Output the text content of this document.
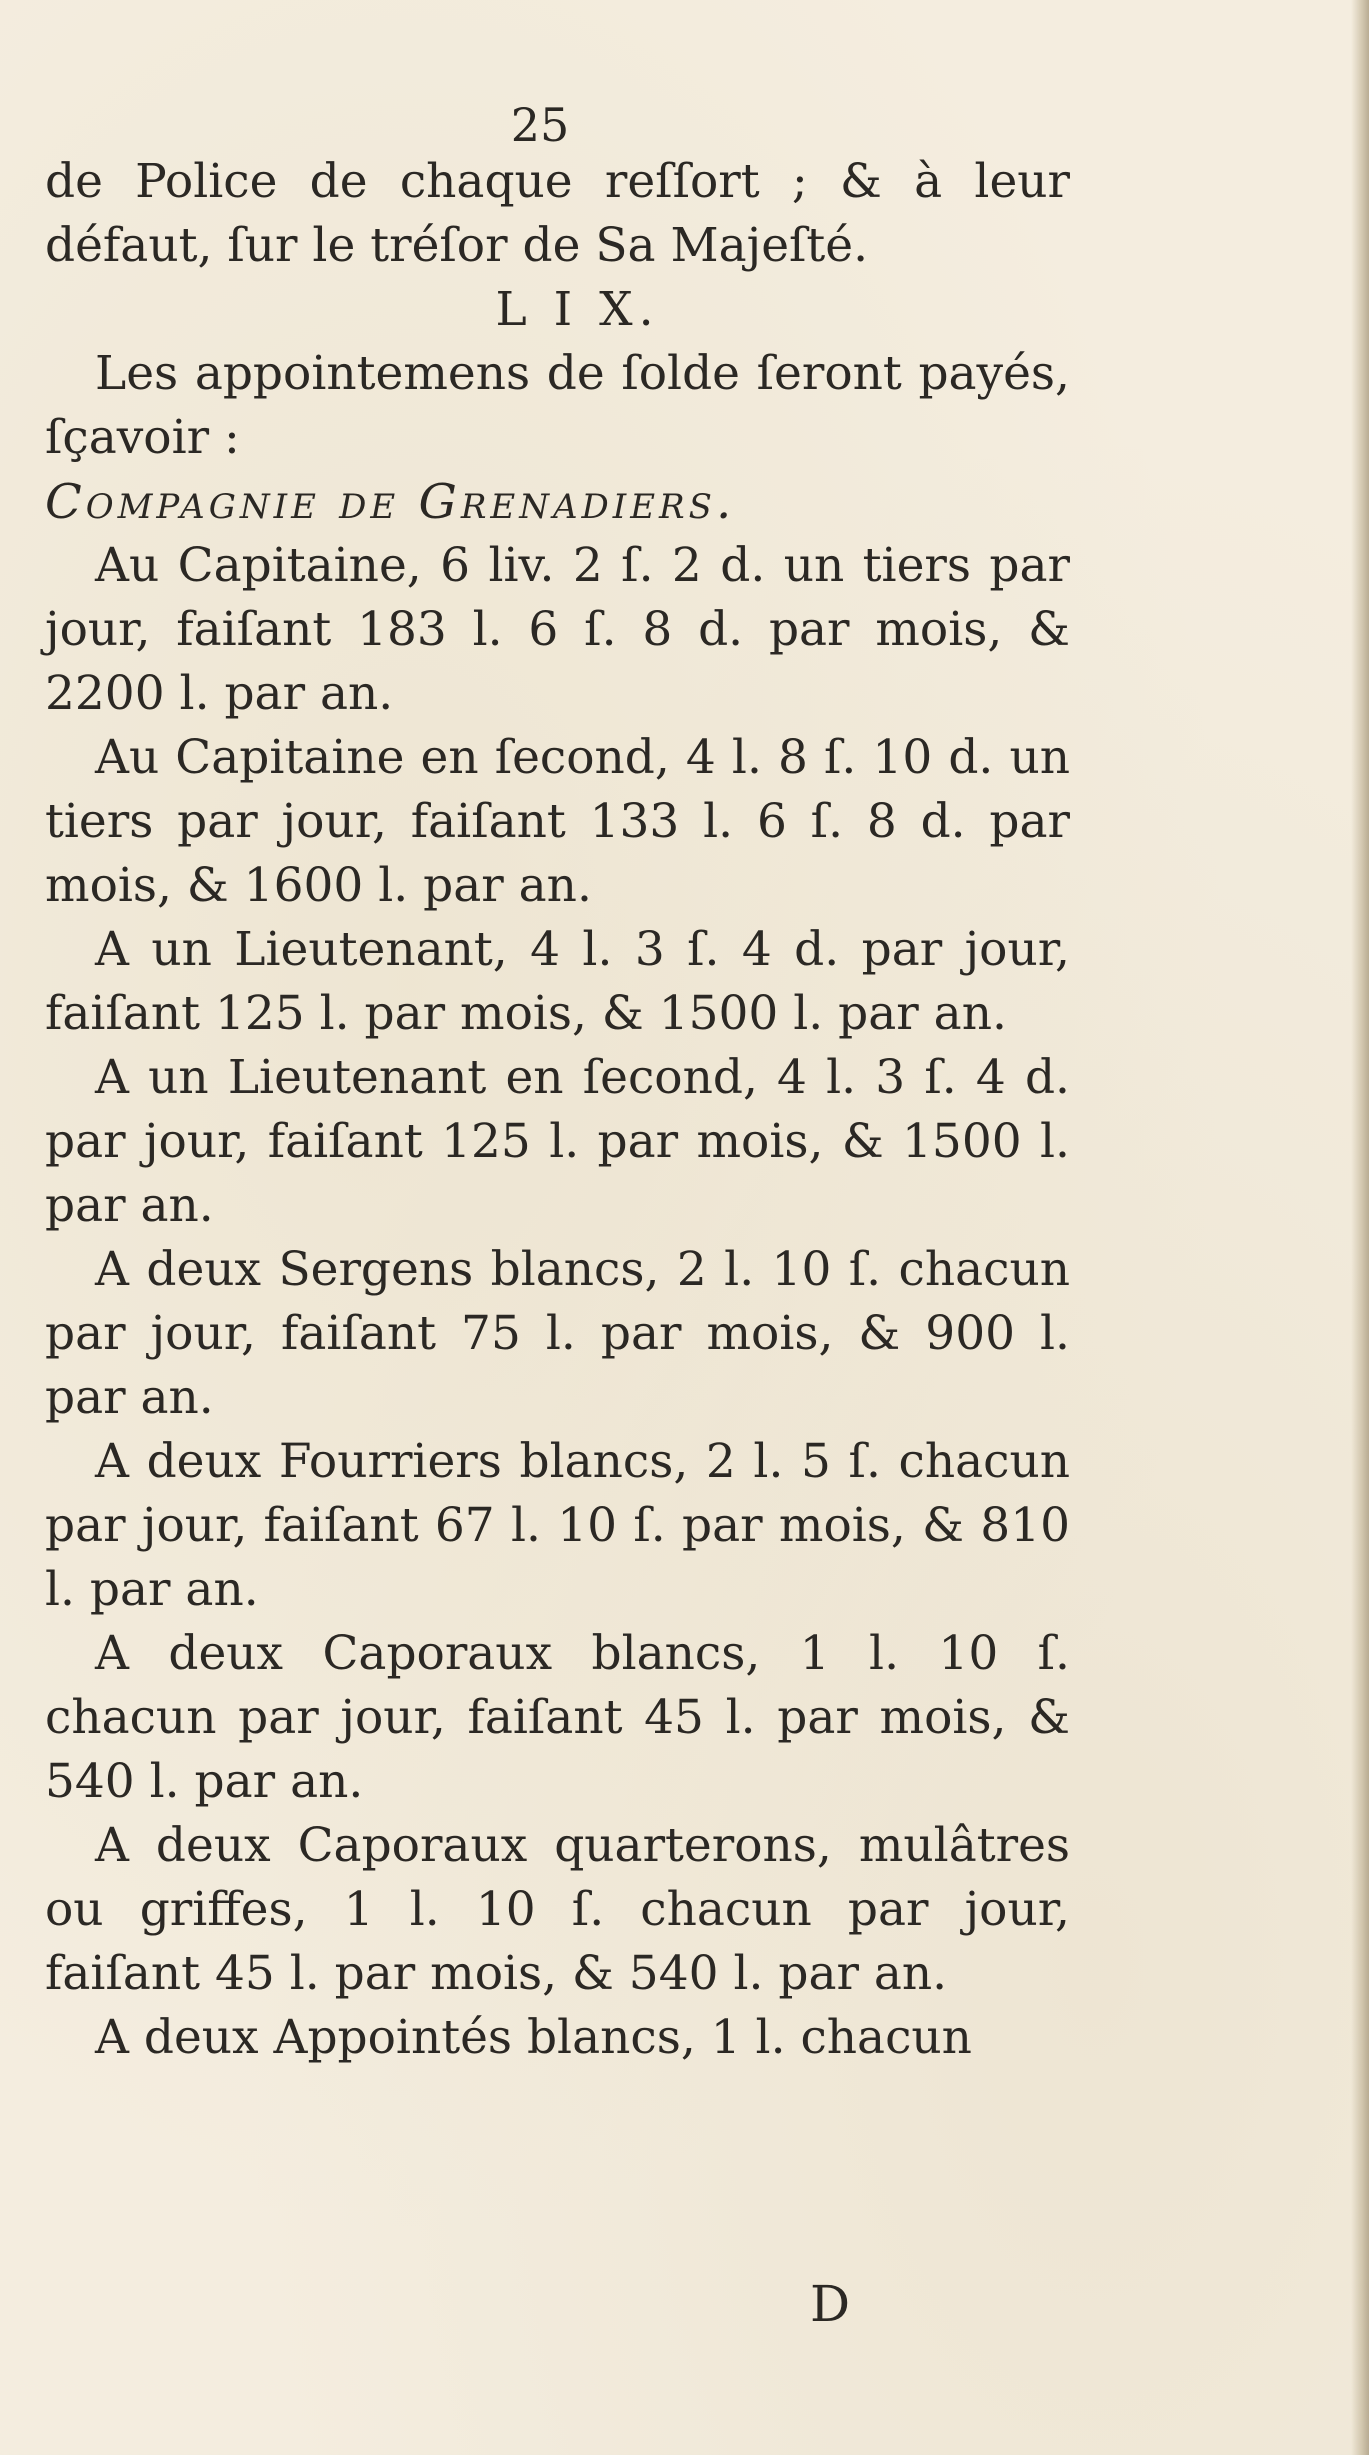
25

de Police de chaque reſſort ; & à leur défaut, ſur le tréſor de Sa Majeſté.

L I X.

Les appointemens de ſolde ſeront payés, ſçavoir :

Compagnie de Grenadiers.

Au Capitaine, 6 liv. 2 ſ. 2 d. un tiers par jour, faiſant 183 l. 6 ſ. 8 d. par mois, & 2200 l. par an.

Au Capitaine en ſecond, 4 l. 8 ſ. 10 d. un tiers par jour, faiſant 133 l. 6 ſ. 8 d. par mois, & 1600 l. par an.

A un Lieutenant, 4 l. 3 ſ. 4 d. par jour, faiſant 125 l. par mois, & 1500 l. par an.

A un Lieutenant en ſecond, 4 l. 3 ſ. 4 d. par jour, faiſant 125 l. par mois, & 1500 l. par an.

A deux Sergens blancs, 2 l. 10 ſ. chacun par jour, faiſant 75 l. par mois, & 900 l. par an.

A deux Fourriers blancs, 2 l. 5 ſ. chacun par jour, faiſant 67 l. 10 ſ. par mois, & 810 l. par an.

A deux Caporaux blancs, 1 l. 10 ſ. chacun par jour, faiſant 45 l. par mois, & 540 l. par an.

A deux Caporaux quarterons, mulâtres ou griffes, 1 l. 10 ſ. chacun par jour, faiſant 45 l. par mois, & 540 l. par an.

A deux Appointés blancs, 1 l. chacun

D
